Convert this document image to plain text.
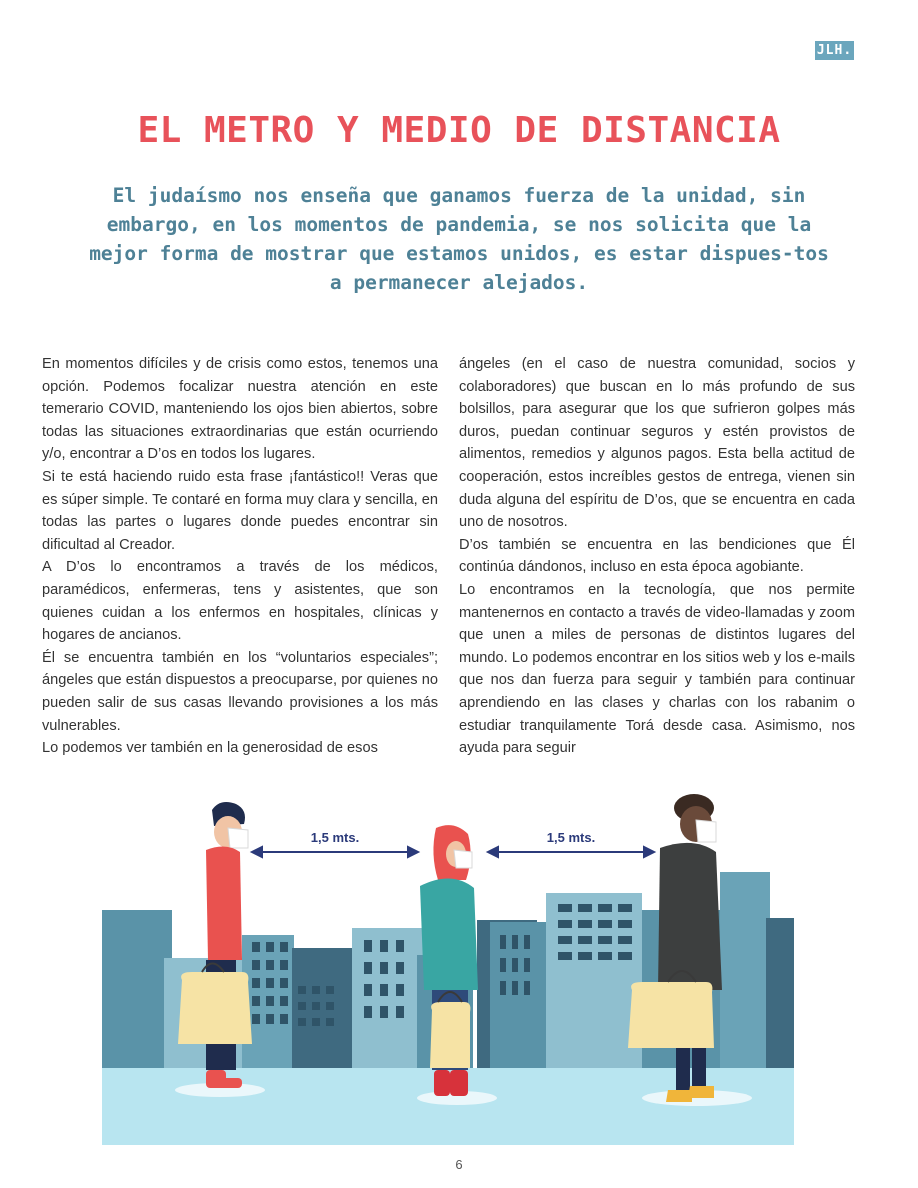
JLH.
EL METRO Y MEDIO DE DISTANCIA

El judaísmo nos enseña que ganamos fuerza de la unidad, sin embargo, en los momentos de pandemia, se nos solicita que la mejor forma de mostrar que estamos unidos, es estar dispues-tos a permanecer alejados.

En momentos difíciles y de crisis como estos, tenemos una opción. Podemos focalizar nuestra atención en este temerario COVID, manteniendo los ojos bien abiertos, sobre todas las situaciones extraordinarias que están ocurriendo y/o, encontrar a D’os en todos los lugares.

Si te está haciendo ruido esta frase ¡fantástico!! Veras que es súper simple. Te contaré en forma muy clara y sencilla, en todas las partes o lugares donde puedes encontrar sin dificultad al Creador.

A D’os lo encontramos a través de los médicos, paramédicos, enfermeras, tens y asistentes, que son quienes cuidan a los enfermos en hospitales, clínicas y hogares de ancianos.

Él se encuentra también en los “voluntarios especiales”; ángeles que están dispuestos a preocuparse, por quienes no pueden salir de sus casas llevando provisiones a los más vulnerables.

Lo podemos ver también en la generosidad de esos

ángeles (en el caso de nuestra comunidad, socios y colaboradores) que buscan en lo más profundo de sus bolsillos, para asegurar que los que sufrieron golpes más duros, puedan continuar seguros y estén provistos de alimentos, remedios y algunos pagos. Esta bella actitud de cooperación, estos increíbles gestos de entrega, vienen sin duda alguna del espíritu de D’os, que se encuentra en cada uno de nosotros.

D’os también se encuentra en las bendiciones que Él continúa dándonos, incluso en esta época agobiante.

Lo encontramos en la tecnología, que nos permite mantenernos en contacto a través de video-llamadas y zoom que unen a miles de personas de distintos lugares del mundo. Lo podemos encontrar en los sitios web y los e-mails que nos dan fuerza para seguir y también para continuar aprendiendo en las clases y charlas con los rabanim o estudiar tranquilamente Torá desde casa. Asimismo, nos ayuda para seguir

1,5 mts.	1,5 mts.
6
